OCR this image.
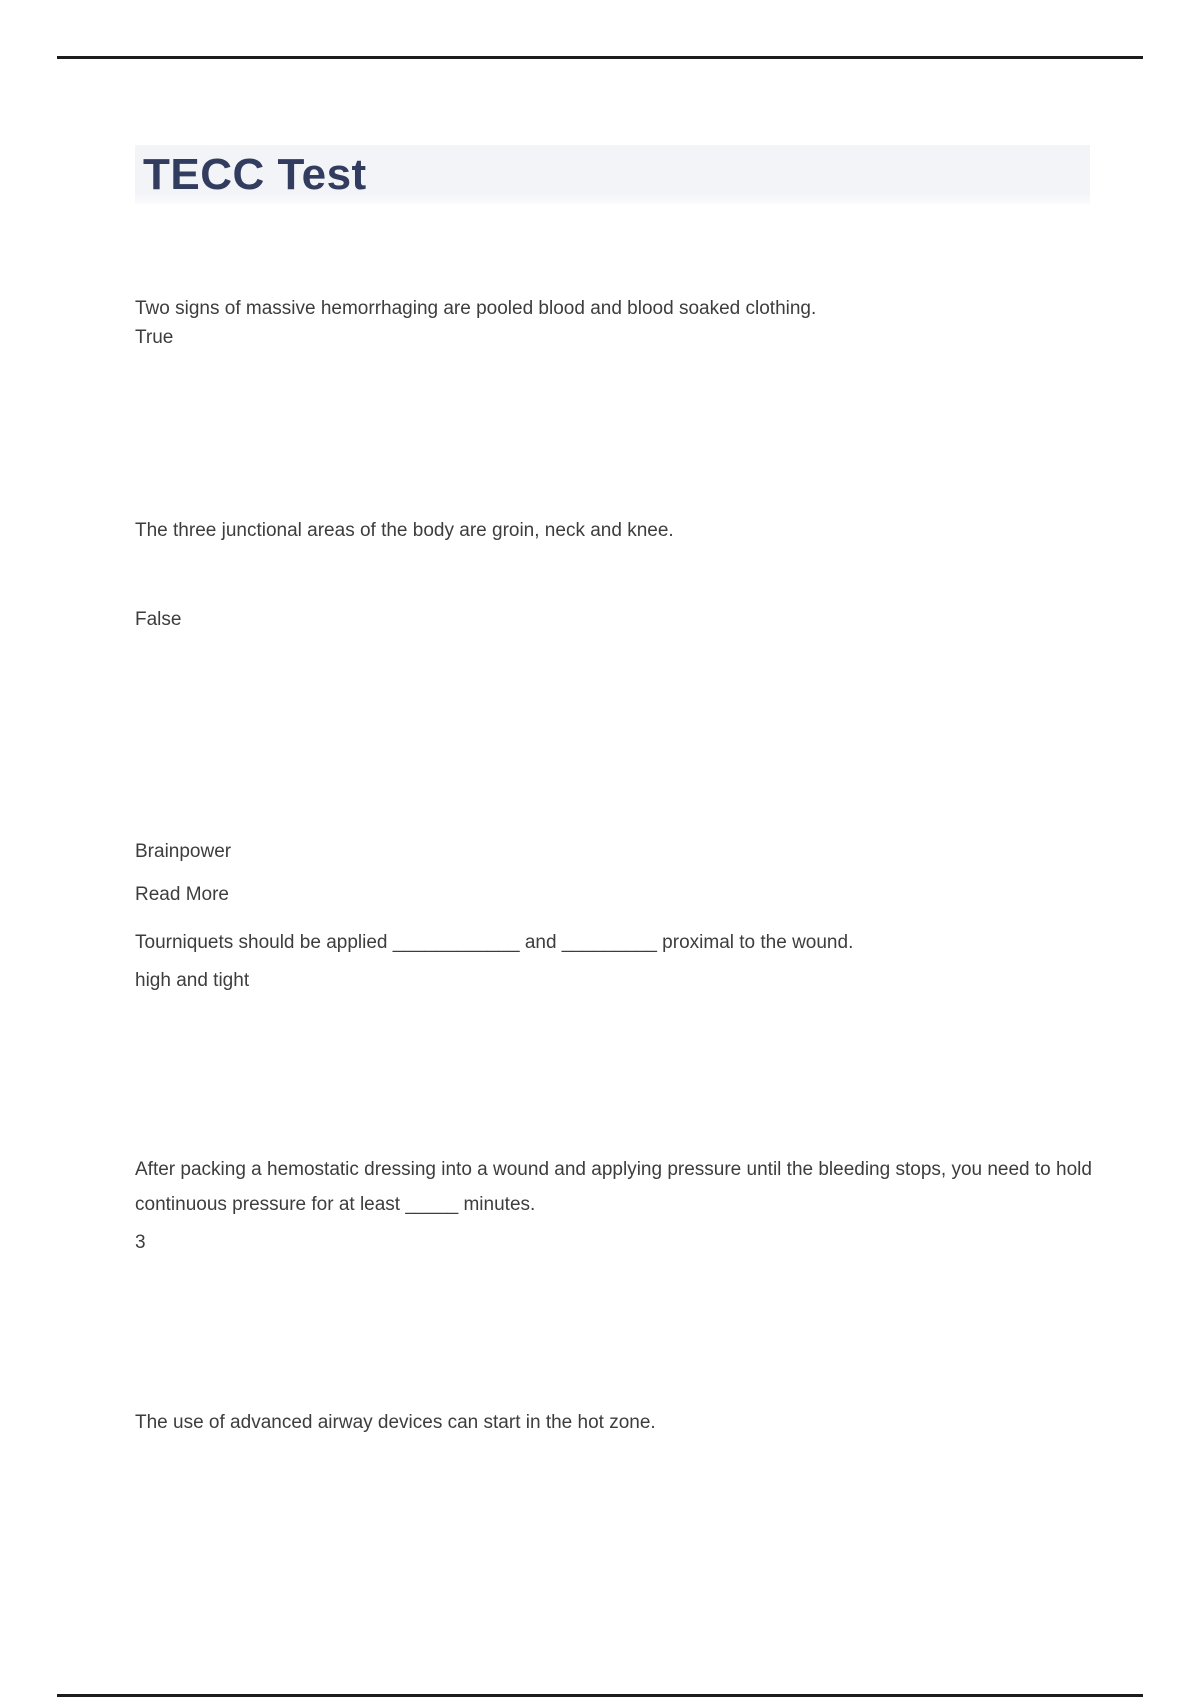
TECC Test
Two signs of massive hemorrhaging are pooled blood and blood soaked clothing.
True
The three junctional areas of the body are groin, neck and knee.
False
Brainpower
Read More
Tourniquets should be applied ____________ and _________ proximal to the wound.
high and tight
After packing a hemostatic dressing into a wound and applying pressure until the bleeding stops, you need to hold continuous pressure for at least _____ minutes.
3
The use of advanced airway devices can start in the hot zone.
